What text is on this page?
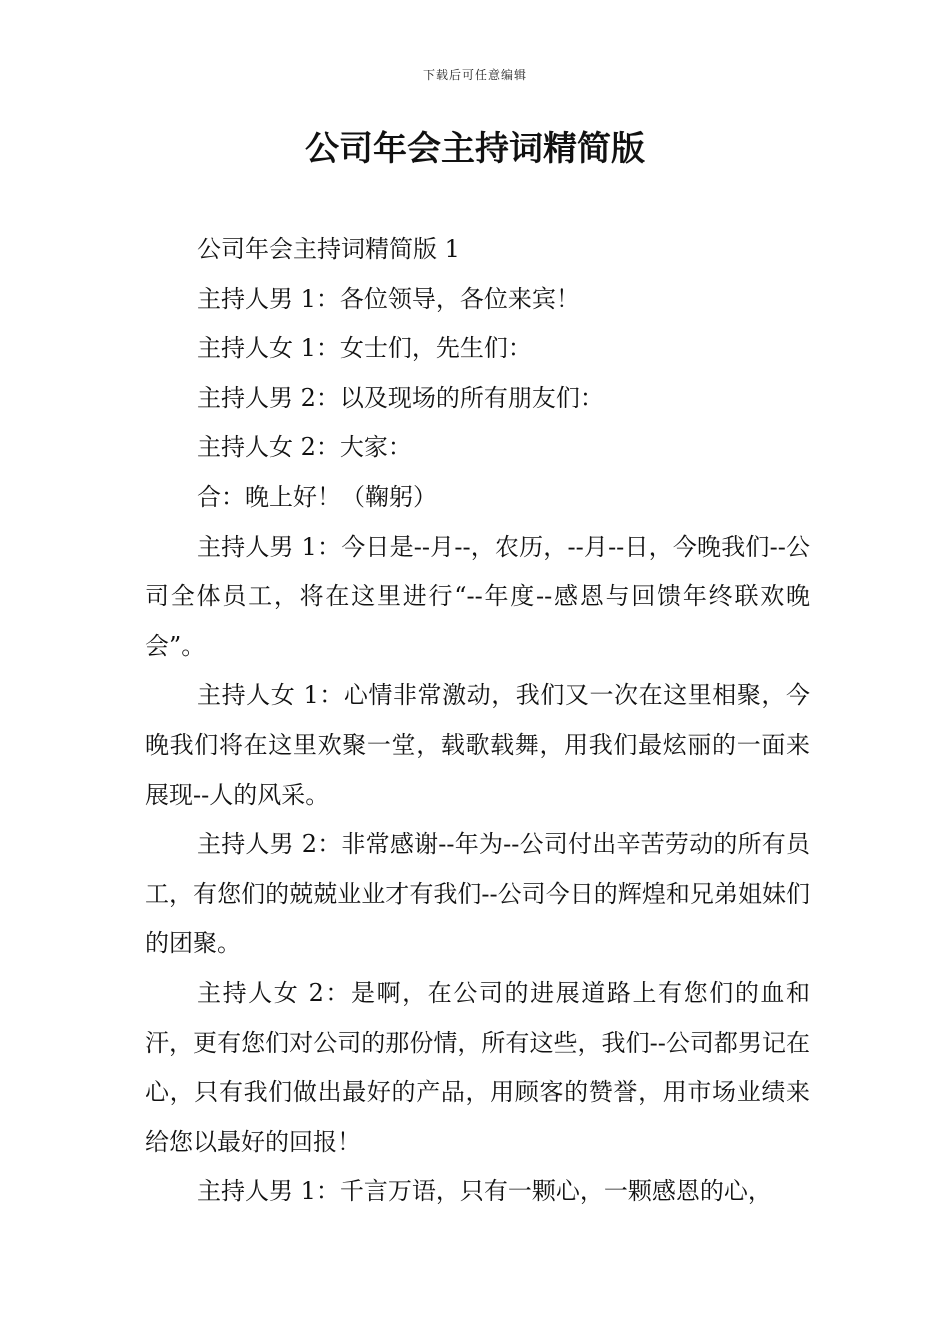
下载后可任意编辑
公司年会主持词精简版

公司年会主持词精简版 1

主持人男 1：各位领导，各位来宾！

主持人女 1：女士们，先生们：

主持人男 2：以及现场的所有朋友们：

主持人女 2：大家：

合：晚上好！（鞠躬）

主持人男 1：今日是--月--，农历，--月--日，今晚我们--公司全体员工，将在这里进行“--年度--感恩与回馈年终联欢晚会”。

主持人女 1：心情非常激动，我们又一次在这里相聚，今晚我们将在这里欢聚一堂，载歌载舞，用我们最炫丽的一面来展现--人的风采。

主持人男 2：非常感谢--年为--公司付出辛苦劳动的所有员工，有您们的兢兢业业才有我们--公司今日的辉煌和兄弟姐妹们的团聚。

主持人女 2：是啊，在公司的进展道路上有您们的血和汗，更有您们对公司的那份情，所有这些，我们--公司都男记在心，只有我们做出最好的产品，用顾客的赞誉，用市场业绩来给您以最好的回报！

主持人男 1：千言万语，只有一颗心，一颗感恩的心，
